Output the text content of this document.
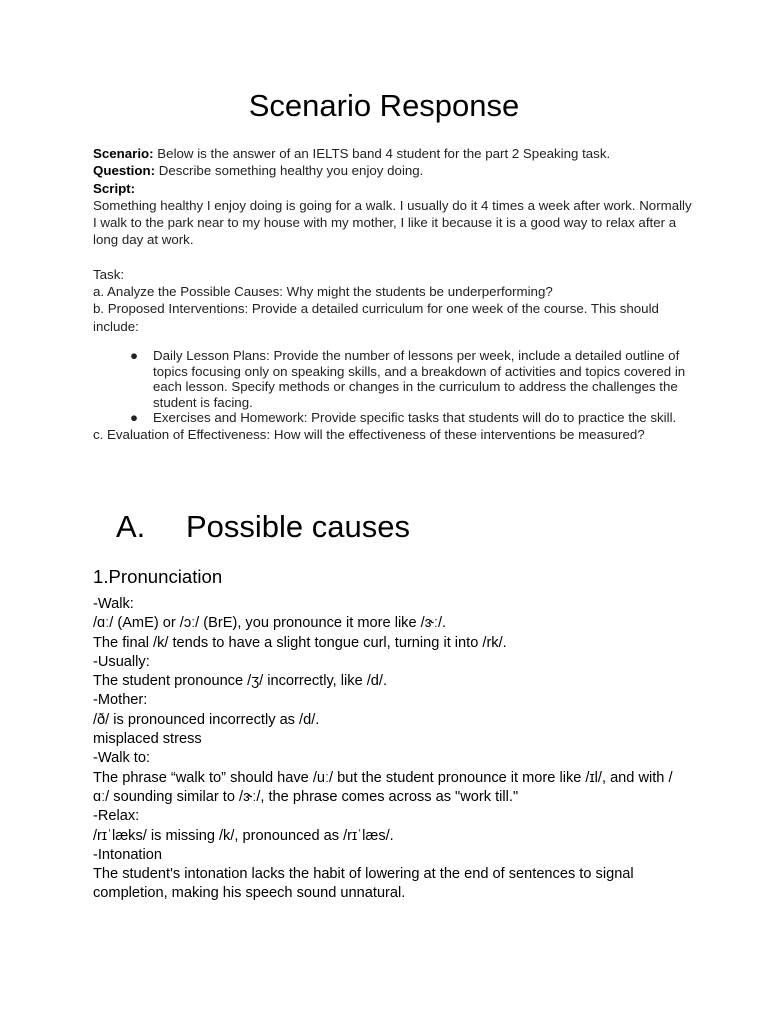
Scenario Response

Scenario: Below is the answer of an IELTS band 4 student for the part 2 Speaking task.

Question: Describe something healthy you enjoy doing.

Script:

Something healthy I enjoy doing is going for a walk. I usually do it 4 times a week after work. Normally I walk to the park near to my house with my mother, I like it because it is a good way to relax after a long day at work.

Task:

a. Analyze the Possible Causes: Why might the students be underperforming?

b. Proposed Interventions: Provide a detailed curriculum for one week of the course. This should include:

● Daily Lesson Plans: Provide the number of lessons per week, include a detailed outline of topics focusing only on speaking skills, and a breakdown of activities and topics covered in each lesson. Specify methods or changes in the curriculum to address the challenges the student is facing.
● Exercises and Homework: Provide specific tasks that students will do to practice the skill.

c. Evaluation of Effectiveness: How will the effectiveness of these interventions be measured?

A. Possible causes
1.Pronunciation

-Walk:

/ɑː/ (AmE) or /ɔː/ (BrE), you pronounce it more like /ɝː/.

The final /k/ tends to have a slight tongue curl, turning it into /rk/.

-Usually:

The student pronounce /ʒ/ incorrectly, like /d/.

-Mother:

/ð/ is pronounced incorrectly as /d/.

misplaced stress

-Walk to:

The phrase “walk to” should have /uː/ but the student pronounce it more like /ɪl/, and with /ɑː/ sounding similar to /ɝː/, the phrase comes across as "work till."

-Relax:

/rɪˈlæks/ is missing /k/, pronounced as /rɪˈlæs/.

-Intonation

The student's intonation lacks the habit of lowering at the end of sentences to signal completion, making his speech sound unnatural.
